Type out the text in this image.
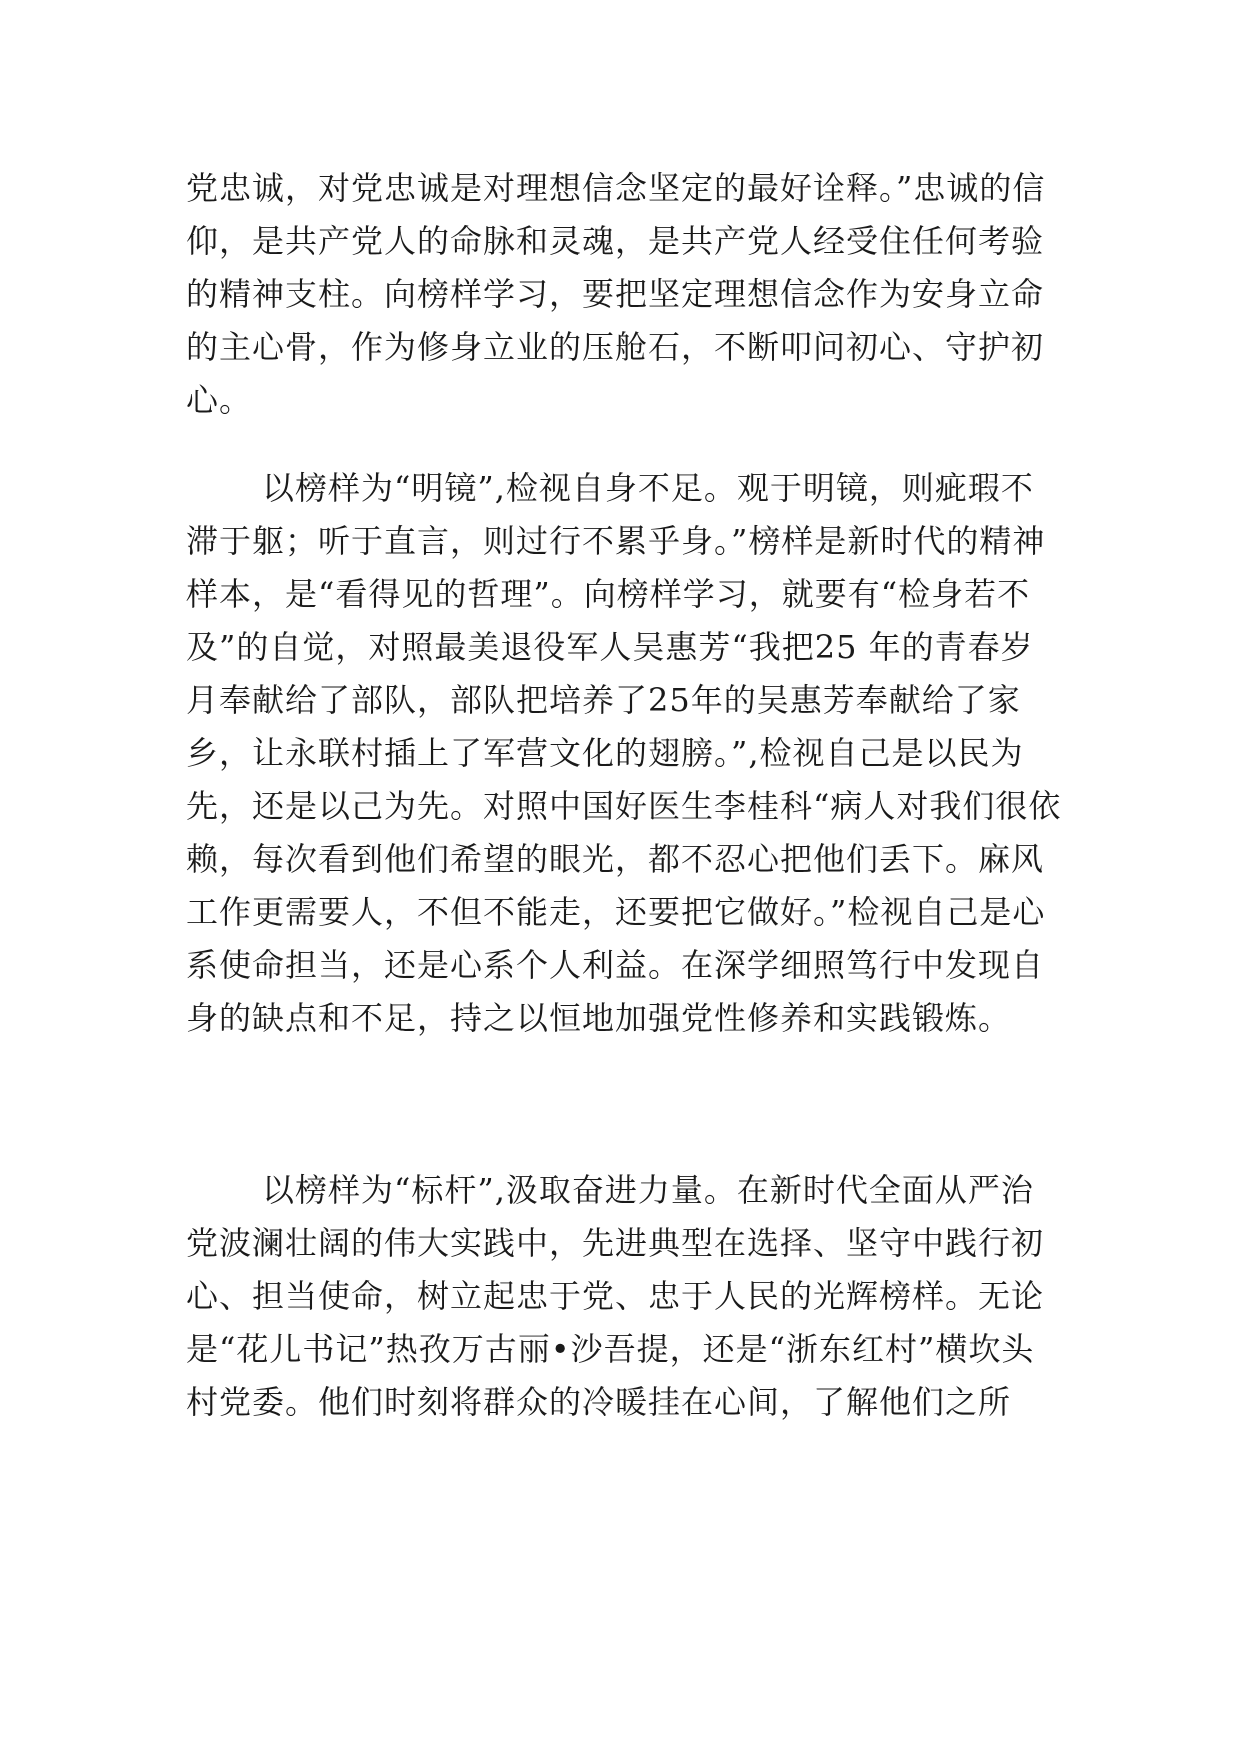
党忠诚，对党忠诚是对理想信念坚定的最好诠释。”忠诚的信仰，是共产党人的命脉和灵魂，是共产党人经受住任何考验的精神支柱。向榜样学习，要把坚定理想信念作为安身立命的主心骨，作为修身立业的压舱石，不断叩问初心、守护初心。

以榜样为“明镜”,检视自身不足。观于明镜，则疵瑕不滞于躯；听于直言，则过行不累乎身。”榜样是新时代的精神样本，是“看得见的哲理”。向榜样学习，就要有“检身若不及”的自觉，对照最美退役军人吴惠芳“我把25 年的青春岁月奉献给了部队，部队把培养了25年的吴惠芳奉献给了家乡，让永联村插上了军营文化的翅膀。”,检视自己是以民为先，还是以己为先。对照中国好医生李桂科“病人对我们很依赖，每次看到他们希望的眼光，都不忍心把他们丢下。麻风工作更需要人，不但不能走，还要把它做好。”检视自己是心系使命担当，还是心系个人利益。在深学细照笃行中发现自身的缺点和不足，持之以恒地加强党性修养和实践锻炼。

以榜样为“标杆”,汲取奋进力量。在新时代全面从严治党波澜壮阔的伟大实践中，先进典型在选择、坚守中践行初心、担当使命，树立起忠于党、忠于人民的光辉榜样。无论是“花儿书记”热孜万古丽•沙吾提，还是“浙东红村”横坎头村党委。他们时刻将群众的冷暖挂在心间，了解他们之所
